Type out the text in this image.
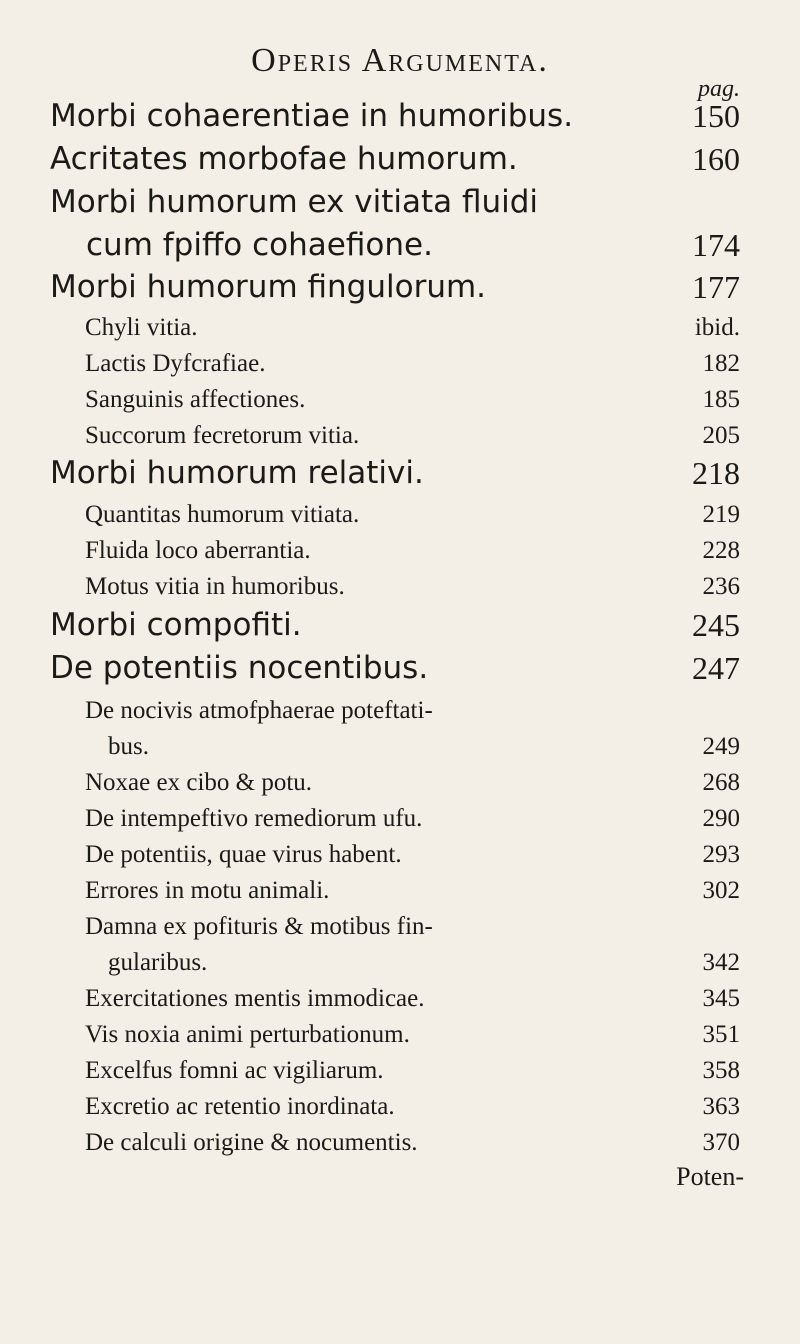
Operis Argumenta.
pag.
Morbi cohaerentiae in humoribus.	150
Acritates morbofae humorum.	160
Morbi humorum ex vitiata fluidi
cum fpiffo cohaefione.	174
Morbi humorum fingulorum.	177
Chyli vitia.	ibid.
Lactis Dyfcrafiae.	182
Sanguinis affectiones.	185
Succorum fecretorum vitia.	205
Morbi humorum relativi.	218
Quantitas humorum vitiata.	219
Fluida loco aberrantia.	228
Motus vitia in humoribus.	236
Morbi compofiti.	245
De potentiis nocentibus.	247
De nocivis atmofphaerae poteftati-
bus.	249
Noxae ex cibo & potu.	268
De intempeftivo remediorum ufu.	290
De potentiis, quae virus habent.	293
Errores in motu animali.	302
Damna ex pofituris & motibus fin-
gularibus.	342
Exercitationes mentis immodicae.	345
Vis noxia animi perturbationum.	351
Excelfus fomni ac vigiliarum.	358
Excretio ac retentio inordinata.	363
De calculi origine & nocumentis.	370
Poten-
